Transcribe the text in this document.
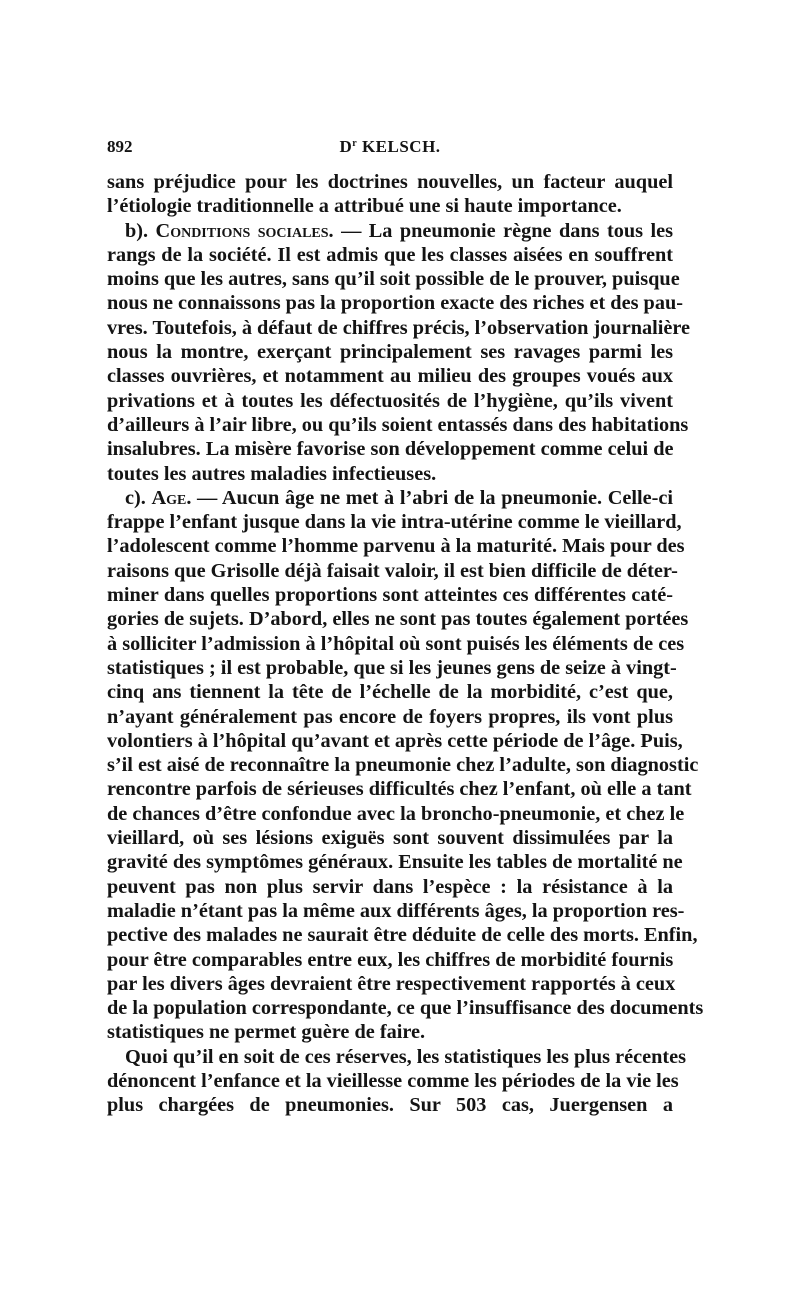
892	$D^r$ KELSCH.
sans préjudice pour les doctrines nouvelles, un facteur auquel
l’étiologie traditionnelle a attribué une si haute importance.
b). Conditions sociales. — La pneumonie règne dans tous les
rangs de la société. Il est admis que les classes aisées en souffrent
moins que les autres, sans qu’il soit possible de le prouver, puisque
nous ne connaissons pas la proportion exacte des riches et des pau-
vres. Toutefois, à défaut de chiffres précis, l’observation journalière
nous la montre, exerçant principalement ses ravages parmi les
classes ouvrières, et notamment au milieu des groupes voués aux
privations et à toutes les défectuosités de l’hygiène, qu’ils vivent
d’ailleurs à l’air libre, ou qu’ils soient entassés dans des habitations
insalubres. La misère favorise son développement comme celui de
toutes les autres maladies infectieuses.
c). Age. — Aucun âge ne met à l’abri de la pneumonie. Celle-ci
frappe l’enfant jusque dans la vie intra-utérine comme le vieillard,
l’adolescent comme l’homme parvenu à la maturité. Mais pour des
raisons que Grisolle déjà faisait valoir, il est bien difficile de déter-
miner dans quelles proportions sont atteintes ces différentes caté-
gories de sujets. D’abord, elles ne sont pas toutes également portées
à solliciter l’admission à l’hôpital où sont puisés les éléments de ces
statistiques ; il est probable, que si les jeunes gens de seize à vingt-
cinq ans tiennent la tête de l’échelle de la morbidité, c’est que,
n’ayant généralement pas encore de foyers propres, ils vont plus
volontiers à l’hôpital qu’avant et après cette période de l’âge. Puis,
s’il est aisé de reconnaître la pneumonie chez l’adulte, son diagnostic
rencontre parfois de sérieuses difficultés chez l’enfant, où elle a tant
de chances d’être confondue avec la broncho-pneumonie, et chez le
vieillard, où ses lésions exiguës sont souvent dissimulées par la
gravité des symptômes généraux. Ensuite les tables de mortalité ne
peuvent pas non plus servir dans l’espèce : la résistance à la
maladie n’étant pas la même aux différents âges, la proportion res-
pective des malades ne saurait être déduite de celle des morts. Enfin,
pour être comparables entre eux, les chiffres de morbidité fournis
par les divers âges devraient être respectivement rapportés à ceux
de la population correspondante, ce que l’insuffisance des documents
statistiques ne permet guère de faire.
Quoi qu’il en soit de ces réserves, les statistiques les plus récentes
dénoncent l’enfance et la vieillesse comme les périodes de la vie les
plus chargées de pneumonies. Sur 503 cas, Juergensen a
